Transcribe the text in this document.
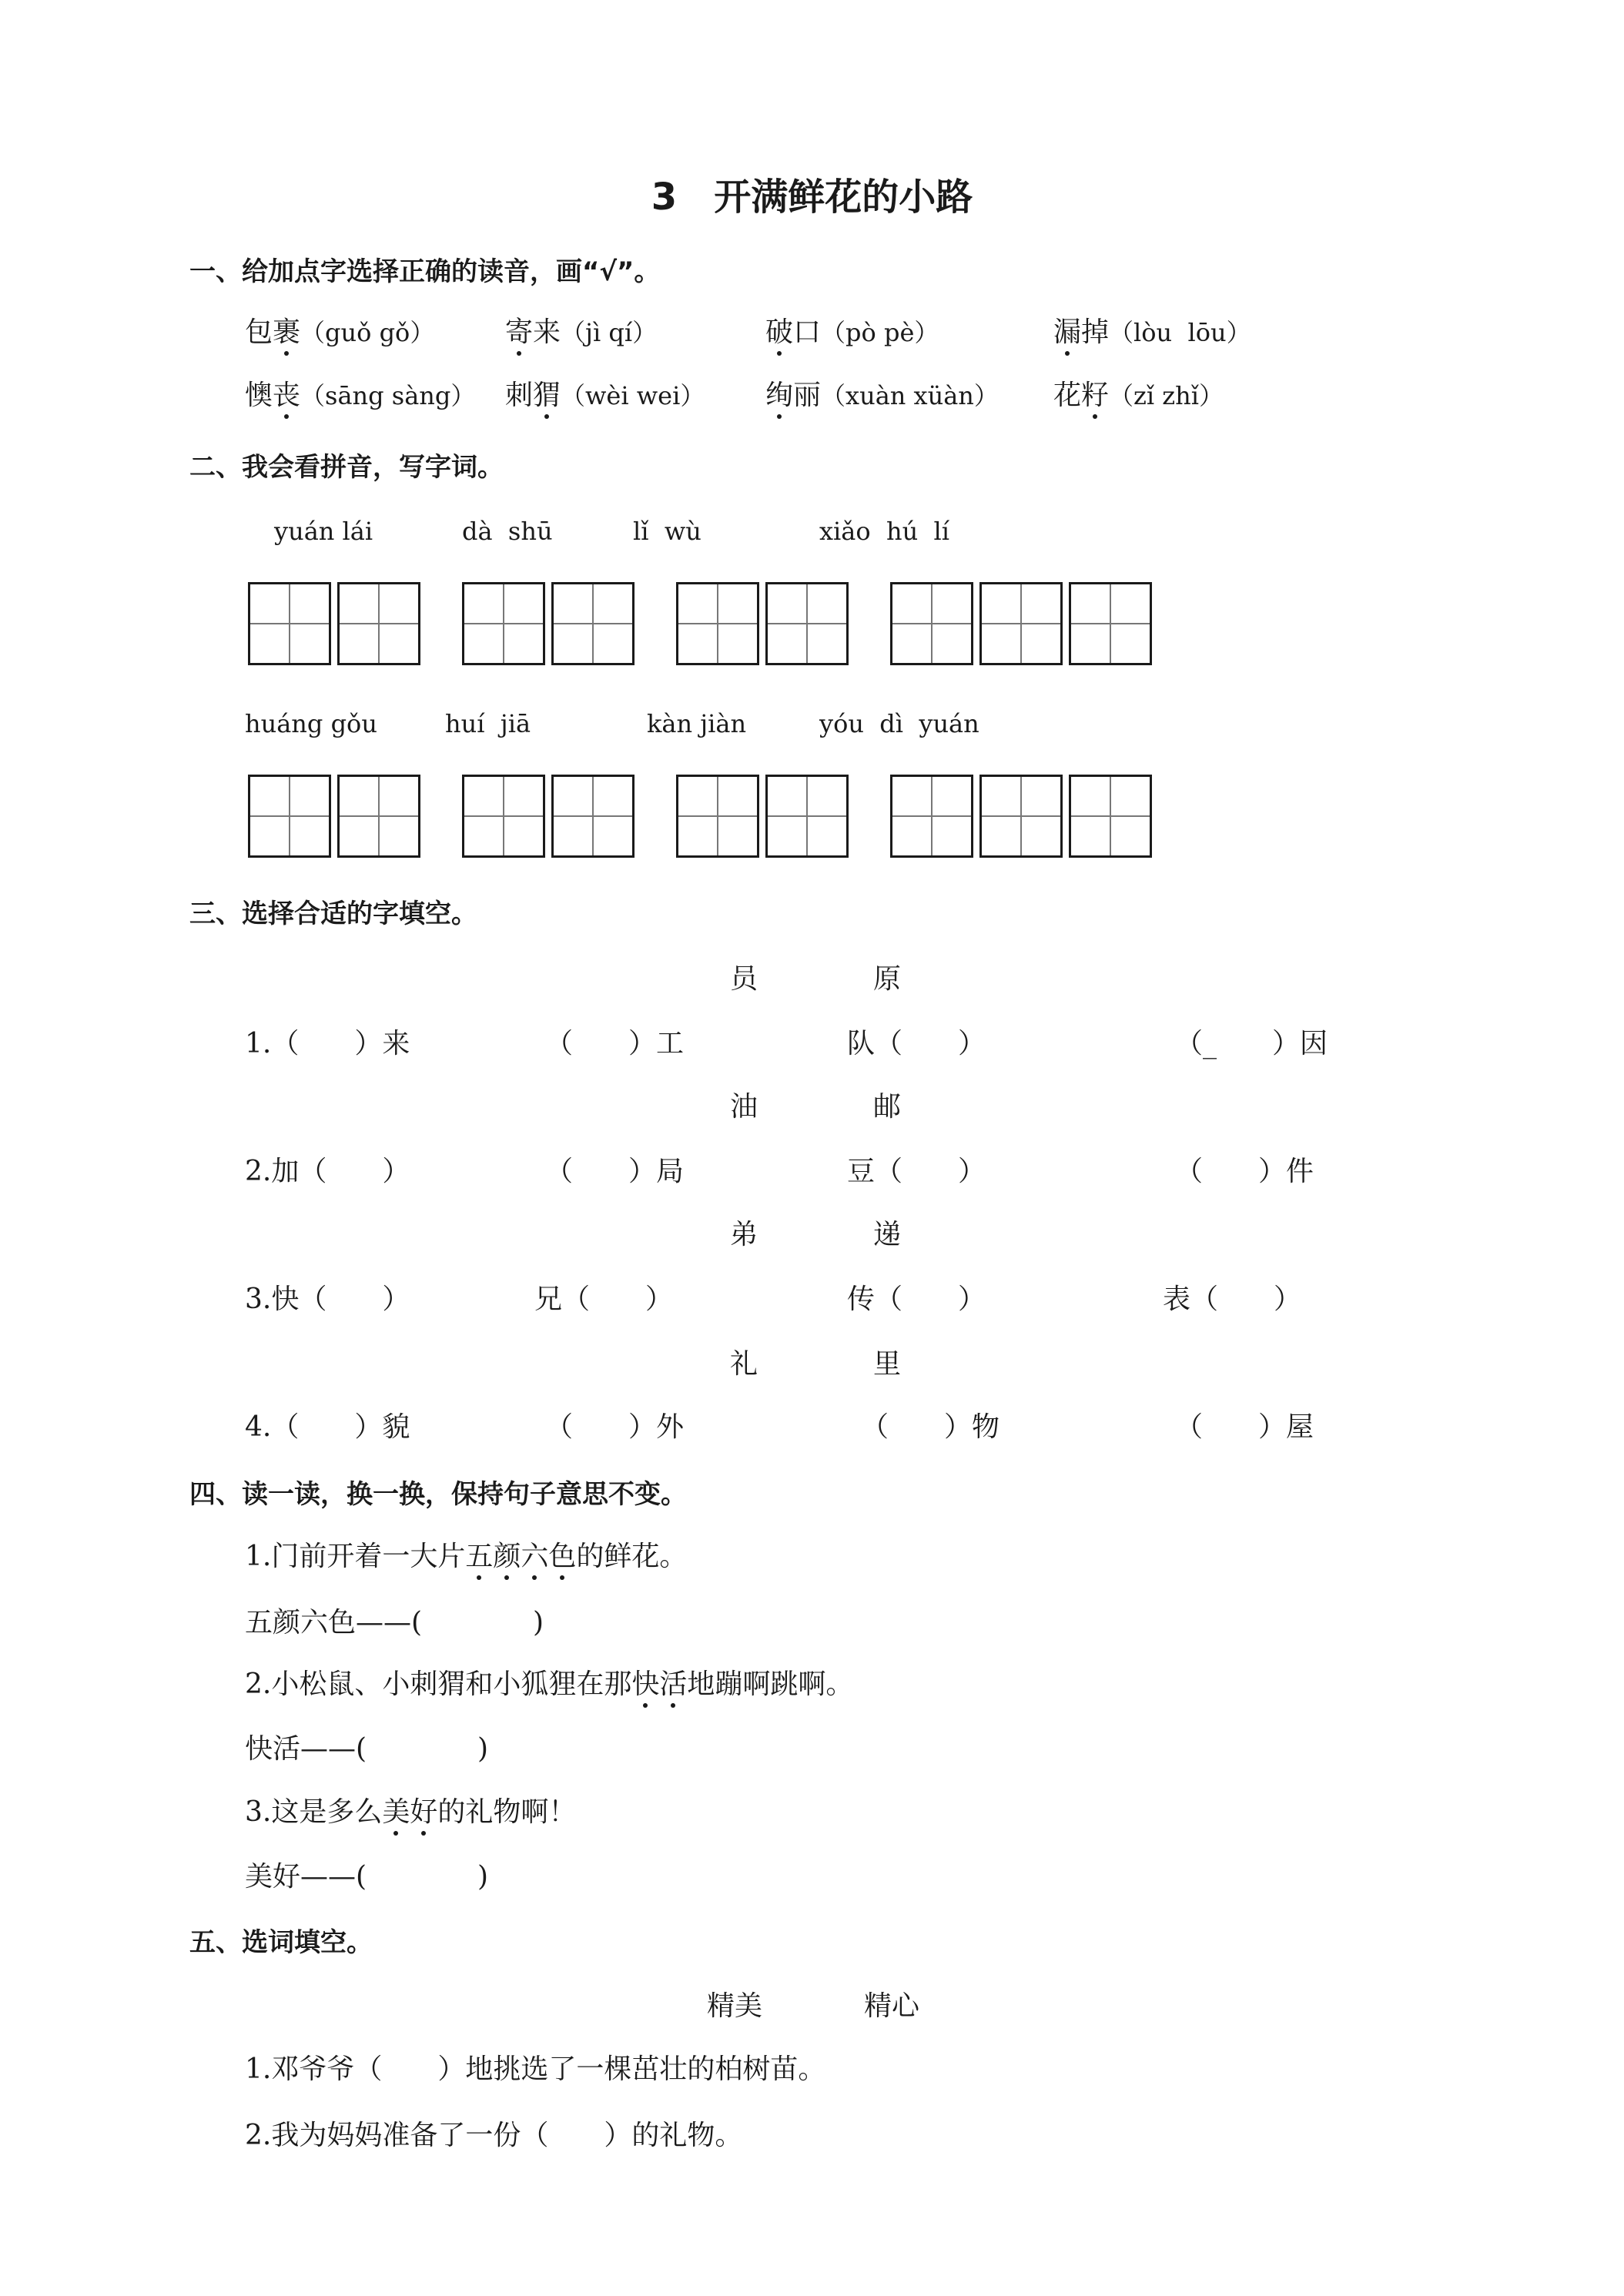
3　开满鲜花的小路
一、给加点字选择正确的读音，画“√”。
包裹（guǒ gǒ）	寄来（jì qí）	破口（pò pè）	漏掉（lòu  lōu）
懊丧（sāng sàng） 刺猬（wèi wei） 绚丽（xuàn xüàn） 花籽（zǐ zhǐ）
二、我会看拼音，写字词。
yuán lái	dà  shū	lǐ  wù	xiǎo  hú  lí
huáng gǒu	huí  jiā	kàn jiàn	yóu  dì  yuán
三、选择合适的字填空。
员	原
1.（　　）来	（　　）工	队（　　）	（_　　）因
油	邮
2.加（　　）	（　　）局	豆（　　）	（　　）件
弟	递
3.快（　　）	兄（　　）	传（　　）	表（　　）
礼	里
4.（　　）貌	（　　）外	（　　）物	（　　）屋
四、读一读，换一换，保持句子意思不变。
1.门前开着一大片五颜六色的鲜花。
五颜六色——(　　　　)
2.小松鼠、小刺猬和小狐狸在那快活地蹦啊跳啊。
快活——(　　　　)
3.这是多么美好的礼物啊！
美好——(　　　　)
五、选词填空。
精美	精心
1.邓爷爷（　　）地挑选了一棵茁壮的柏树苗。
2.我为妈妈准备了一份（　　）的礼物。
